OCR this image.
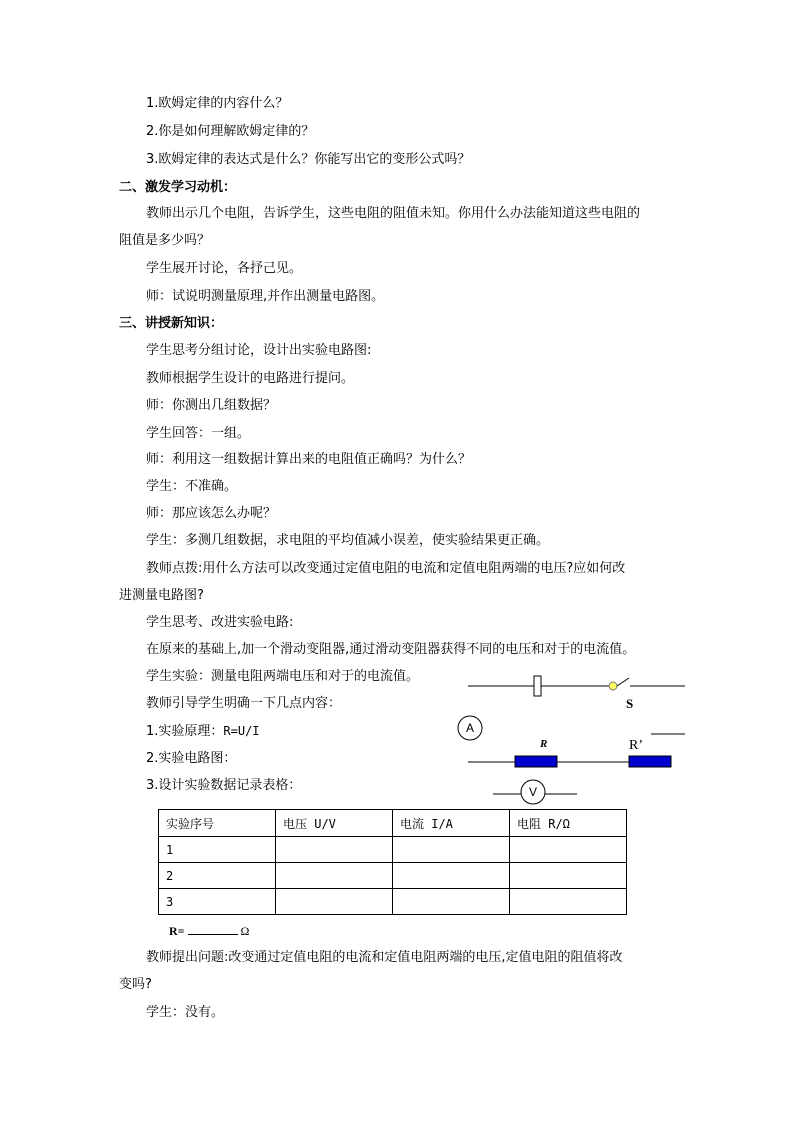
1.欧姆定律的内容什么？
2.你是如何理解欧姆定律的？
3.欧姆定律的表达式是什么？你能写出它的变形公式吗？
二、激发学习动机：
教师出示几个电阻，告诉学生，这些电阻的阻值未知。你用什么办法能知道这些电阻的
阻值是多少吗？
学生展开讨论，各抒己见。
师：试说明测量原理,并作出测量电路图。
三、讲授新知识：
学生思考分组讨论，设计出实验电路图:
教师根据学生设计的电路进行提问。
师：你测出几组数据？
学生回答：一组。
师：利用这一组数据计算出来的电阻值正确吗？为什么？
学生：不准确。
师：那应该怎么办呢？
学生：多测几组数据，求电阻的平均值减小误差，使实验结果更正确。
教师点拨:用什么方法可以改变通过定值电阻的电流和定值电阻两端的电压?应如何改
进测量电路图?
学生思考、改进实验电路:
在原来的基础上,加一个滑动变阻器,通过滑动变阻器获得不同的电压和对于的电流值。
学生实验：测量电阻两端电压和对于的电流值。
教师引导学生明确一下几点内容：
1.实验原理：R=U/I
2.实验电路图：
3.设计实验数据记录表格：
S
A
R	R’
V
实验序号	电压 U/V	电流 I/A	电阻 R/Ω
1			
2			
3			
R=	Ω
教师提出问题:改变通过定值电阻的电流和定值电阻两端的电压,定值电阻的阻值将改
变吗?
学生：没有。
